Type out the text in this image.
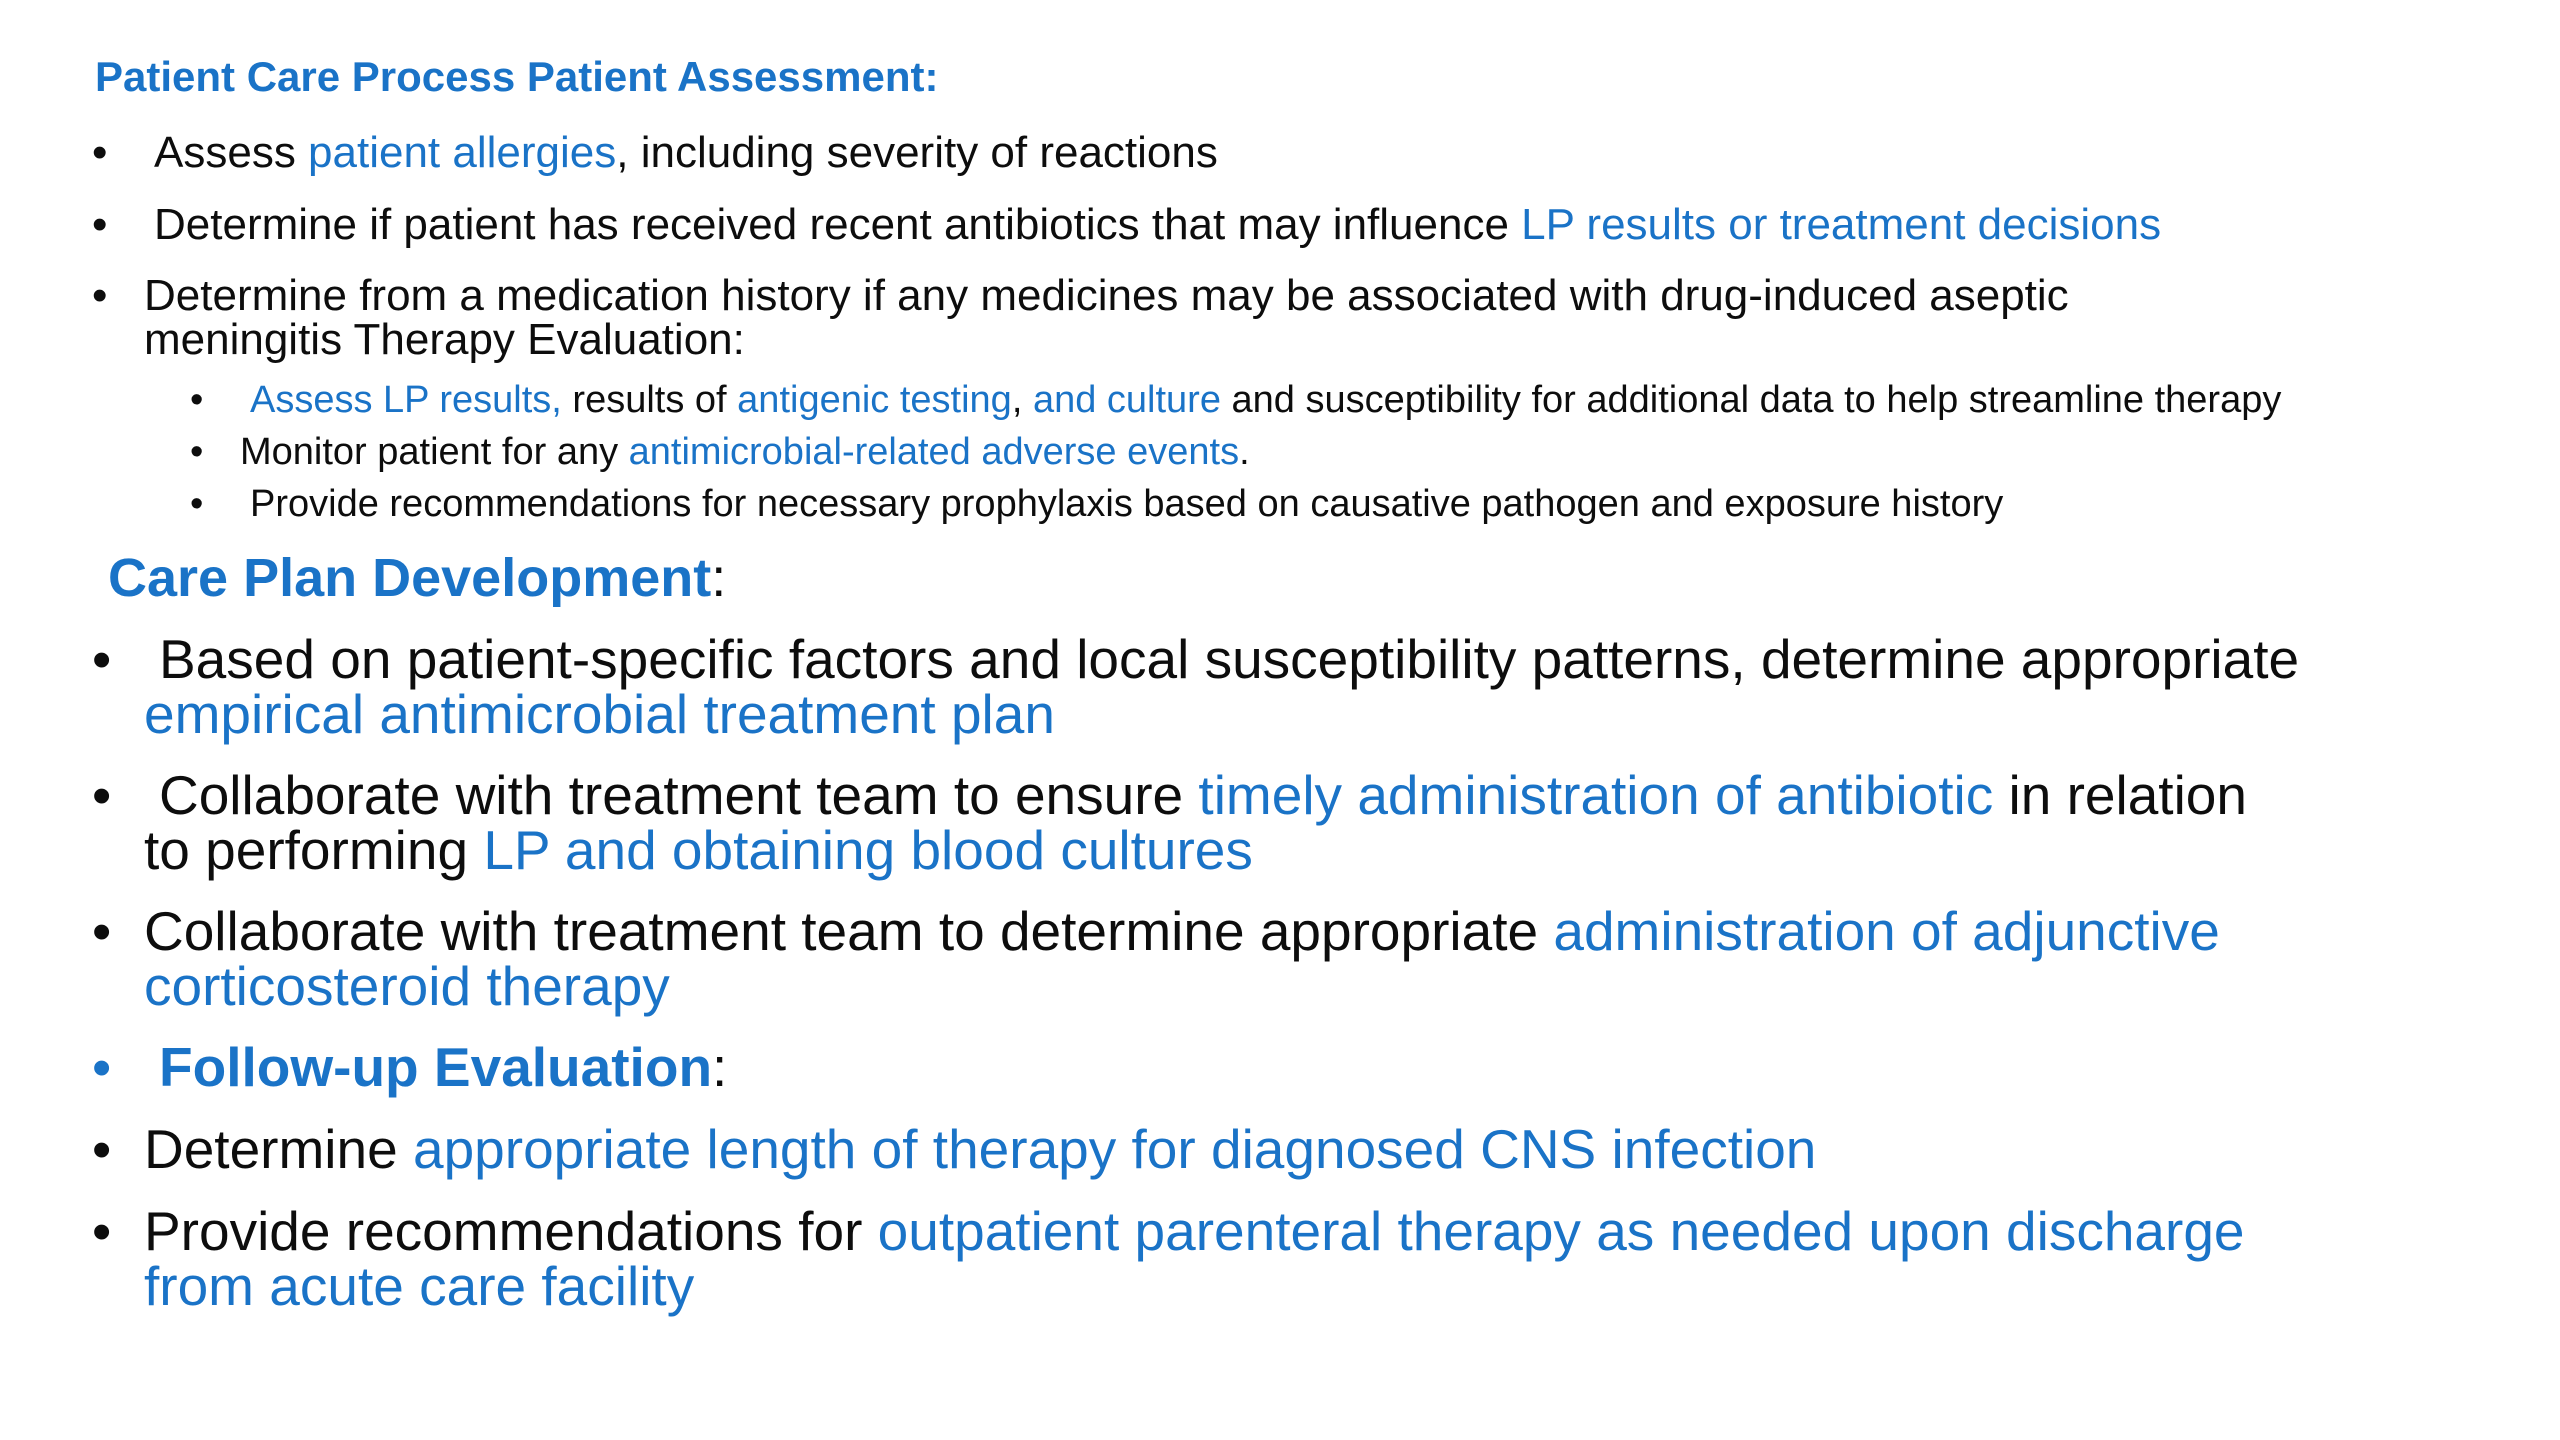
Patient Care Process Patient Assessment:
• Assess patient allergies, including severity of reactions
• Determine if patient has received recent antibiotics that may influence LP results or treatment decisions
• Determine from a medication history if any medicines may be associated with drug-induced aseptic
meningitis Therapy Evaluation:
• Assess LP results, results of antigenic testing, and culture and susceptibility for additional data to help streamline therapy
• Monitor patient for any antimicrobial-related adverse events.
• Provide recommendations for necessary prophylaxis based on causative pathogen and exposure history
Care Plan Development:
• Based on patient-specific factors and local susceptibility patterns, determine appropriate
empirical antimicrobial treatment plan
• Collaborate with treatment team to ensure timely administration of antibiotic in relation
to performing LP and obtaining blood cultures
• Collaborate with treatment team to determine appropriate administration of adjunctive
corticosteroid therapy
• Follow-up Evaluation:
• Determine appropriate length of therapy for diagnosed CNS infection
• Provide recommendations for outpatient parenteral therapy as needed upon discharge
from acute care facility
